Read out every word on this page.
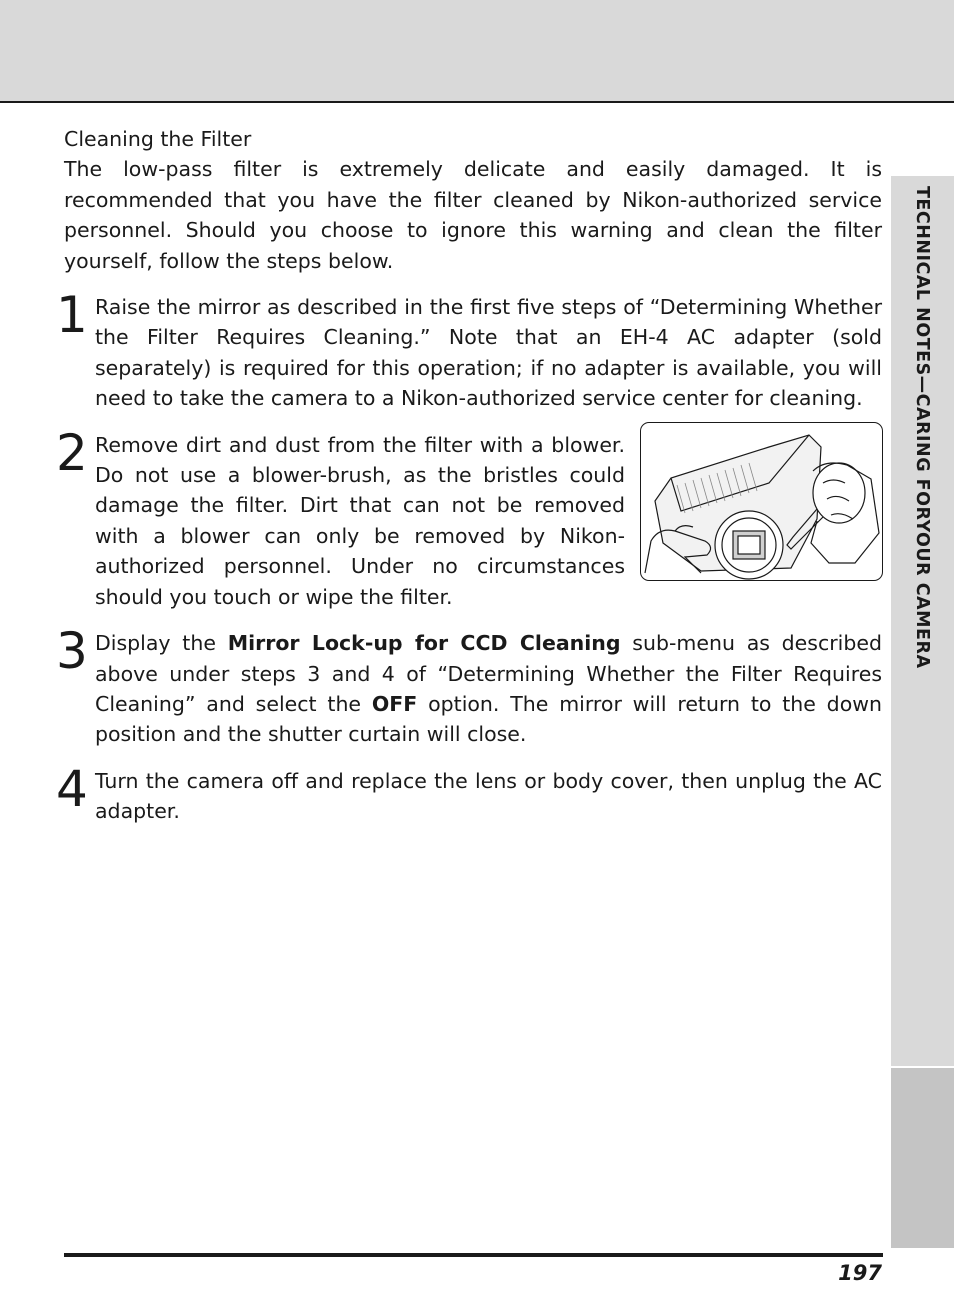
TECHNICAL NOTES—CARING FORYOUR CAMERA
Cleaning the Filter

The low-pass filter is extremely delicate and easily damaged. It is recommended that you have the filter cleaned by Nikon-authorized service personnel. Should you choose to ignore this warning and clean the filter yourself, follow the steps below.

1 Raise the mirror as described in the first five steps of “Determining Whether the Filter Requires Cleaning.” Note that an EH-4 AC adapter (sold separately) is required for this operation; if no adapter is available, you will need to take the camera to a Nikon-authorized service center for cleaning.

2 Remove dirt and dust from the filter with a blower. Do not use a blower-brush, as the bristles could damage the filter. Dirt that can not be removed with a blower can only be removed by Nikon-authorized personnel. Under no circumstances should you touch or wipe the filter.

3 Display the Mirror Lock-up for CCD Cleaning sub-menu as described above under steps 3 and 4 of “Determining Whether the Filter Requires Cleaning” and select the OFF option. The mirror will return to the down position and the shutter curtain will close.

4 Turn the camera off and replace the lens or body cover, then unplug the AC adapter.

197
